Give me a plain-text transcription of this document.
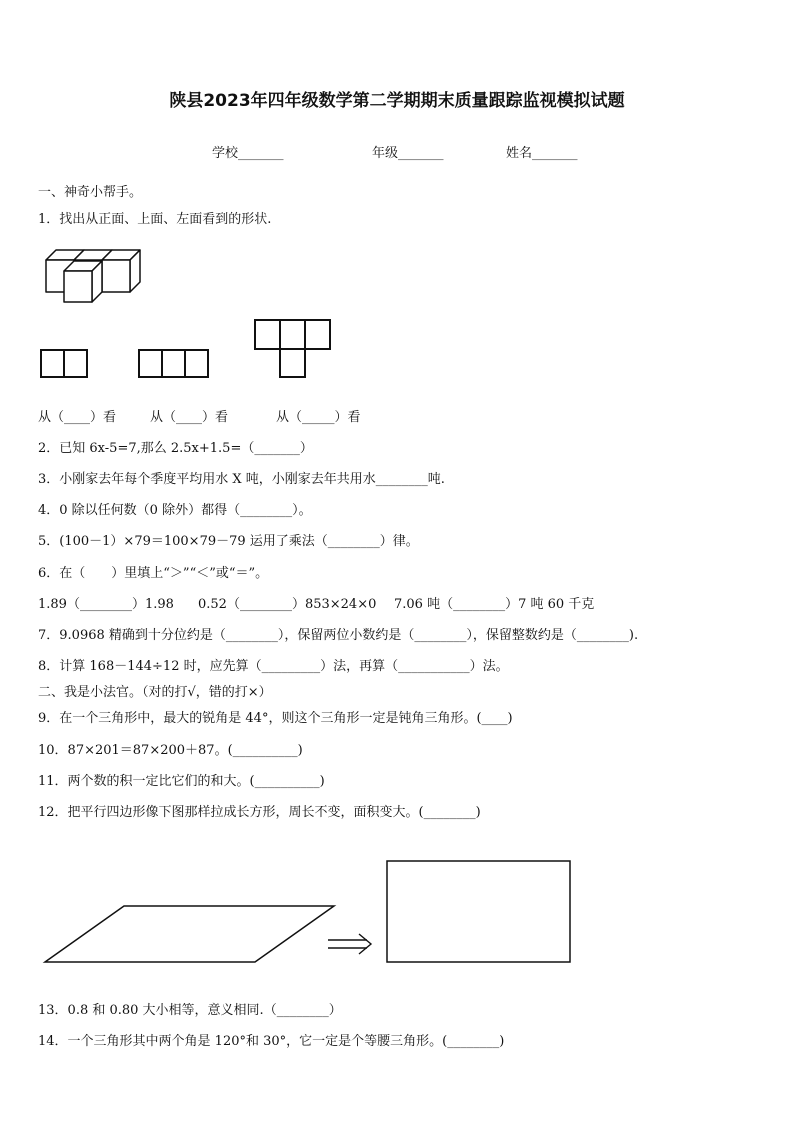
陕县2023年四年级数学第二学期期末质量跟踪监视模拟试题
学校_______	年级_______	姓名_______
一、神奇小帮手。
1．找出从正面、上面、左面看到的形状.
从（____）看	从（____）看	从（_____）看
2．已知 6x-5=7,那么 2.5x+1.5=（_______）
3．小刚家去年每个季度平均用水 X 吨，小刚家去年共用水________吨.
4．0 除以任何数（0 除外）都得（________）。
5．(100－1）×79＝100×79－79 运用了乘法（________）律。
6．在（　　）里填上“＞”“＜”或“＝”。
1.89（________）1.98 0.52（________）853×24×0 7.06 吨（________）7 吨 60 千克
7．9.0968 精确到十分位约是（________），保留两位小数约是（________），保留整数约是（________).
8．计算 168－144÷12 时，应先算（_________）法，再算（___________）法。
二、我是小法官。（对的打√，错的打×）
9．在一个三角形中，最大的锐角是 44°，则这个三角形一定是钝角三角形。(____)
10．87×201＝87×200＋87。(__________)
11．两个数的积一定比它们的和大。(__________)
12．把平行四边形像下图那样拉成长方形，周长不变，面积变大。(________)
13．0.8 和 0.80 大小相等，意义相同.（________）
14．一个三角形其中两个角是 120°和 30°，它一定是个等腰三角形。(________)
